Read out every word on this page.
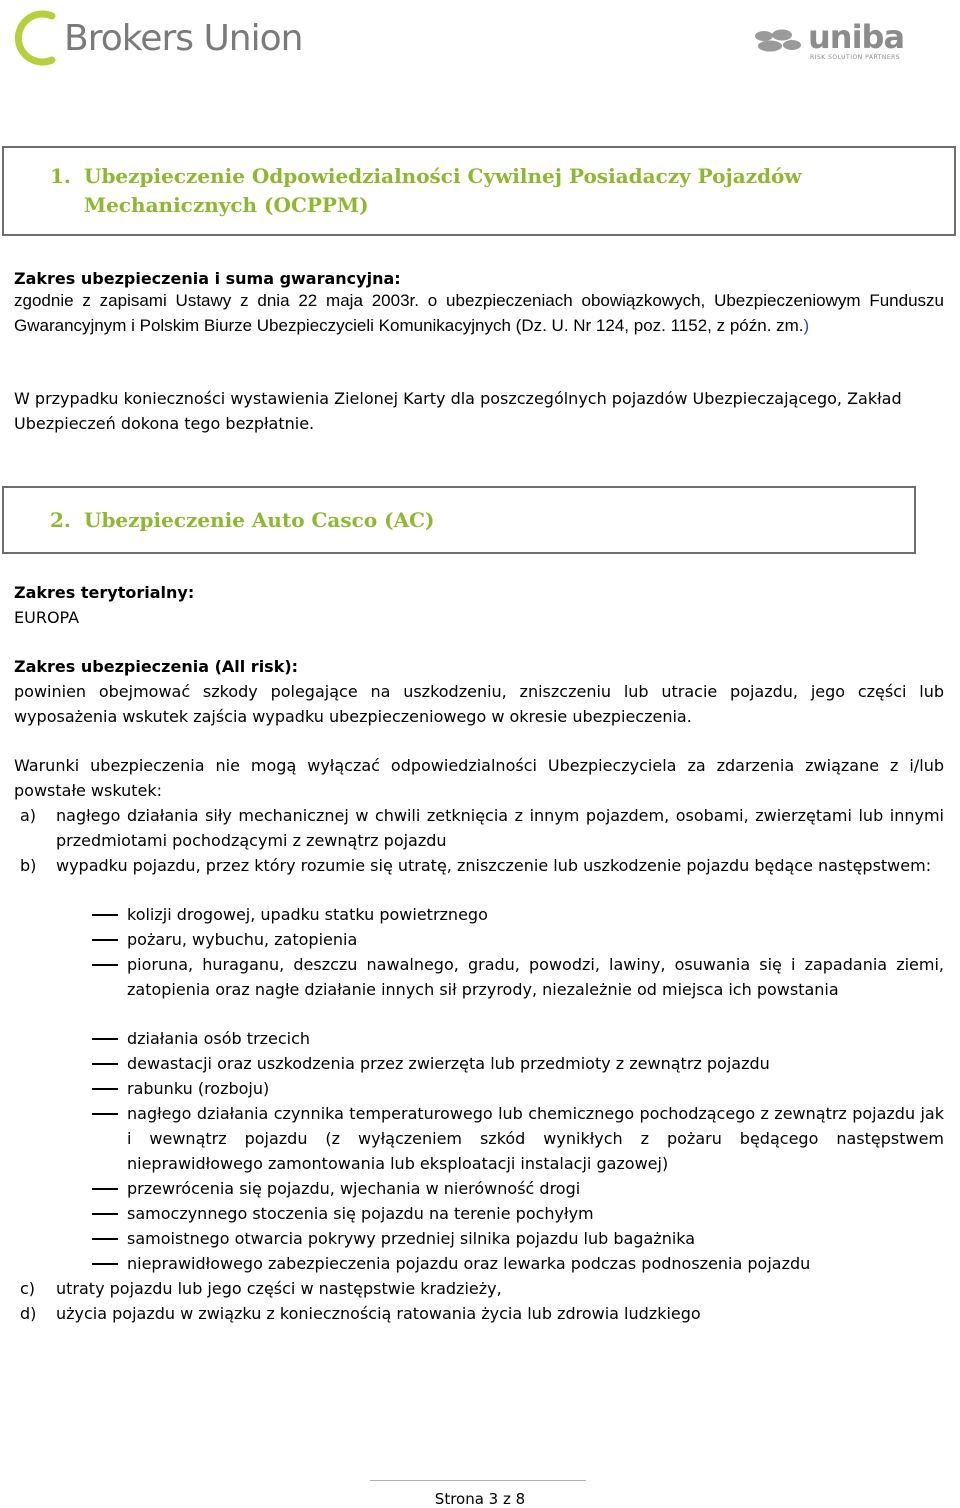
Brokers Union	uniba
RISK SOLUTION PARTNERS
1. Ubezpieczenie Odpowiedzialności Cywilnej Posiadaczy Pojazdów Mechanicznych (OCPPM)
Zakres ubezpieczenia i suma gwarancyjna:
zgodnie z zapisami Ustawy z dnia 22 maja 2003r. o ubezpieczeniach obowiązkowych, Ubezpieczeniowym Funduszu Gwarancyjnym i Polskim Biurze Ubezpieczycieli Komunikacyjnych (Dz. U. Nr 124, poz. 1152, z późn. zm.)
W przypadku konieczności wystawienia Zielonej Karty dla poszczególnych pojazdów Ubezpieczającego, Zakład Ubezpieczeń dokona tego bezpłatnie.
2. Ubezpieczenie Auto Casco (AC)
Zakres terytorialny:
EUROPA
Zakres ubezpieczenia (All risk):
powinien obejmować szkody polegające na uszkodzeniu, zniszczeniu lub utracie pojazdu, jego części lub wyposażenia wskutek zajścia wypadku ubezpieczeniowego w okresie ubezpieczenia.
Warunki ubezpieczenia nie mogą wyłączać odpowiedzialności Ubezpieczyciela za zdarzenia związane z i/lub powstałe wskutek:
a) nagłego działania siły mechanicznej w chwili zetknięcia z innym pojazdem, osobami, zwierzętami lub innymi przedmiotami pochodzącymi z zewnątrz pojazdu
b) wypadku pojazdu, przez który rozumie się utratę, zniszczenie lub uszkodzenie pojazdu będące następstwem:
kolizji drogowej, upadku statku powietrznego
pożaru, wybuchu, zatopienia
pioruna, huraganu, deszczu nawalnego, gradu, powodzi, lawiny, osuwania się i zapadania ziemi, zatopienia oraz nagłe działanie innych sił przyrody, niezależnie od miejsca ich powstania
działania osób trzecich
dewastacji oraz uszkodzenia przez zwierzęta lub przedmioty z zewnątrz pojazdu
rabunku (rozboju)
nagłego działania czynnika temperaturowego lub chemicznego pochodzącego z zewnątrz pojazdu jak i wewnątrz pojazdu (z wyłączeniem szkód wynikłych z pożaru będącego następstwem nieprawidłowego zamontowania lub eksploatacji instalacji gazowej)
przewrócenia się pojazdu, wjechania w nierówność drogi
samoczynnego stoczenia się pojazdu na terenie pochyłym
samoistnego otwarcia pokrywy przedniej silnika pojazdu lub bagażnika
nieprawidłowego zabezpieczenia pojazdu oraz lewarka podczas podnoszenia pojazdu
c) utraty pojazdu lub jego części w następstwie kradzieży,
d) użycia pojazdu w związku z koniecznością ratowania życia lub zdrowia ludzkiego
Strona 3 z 8
